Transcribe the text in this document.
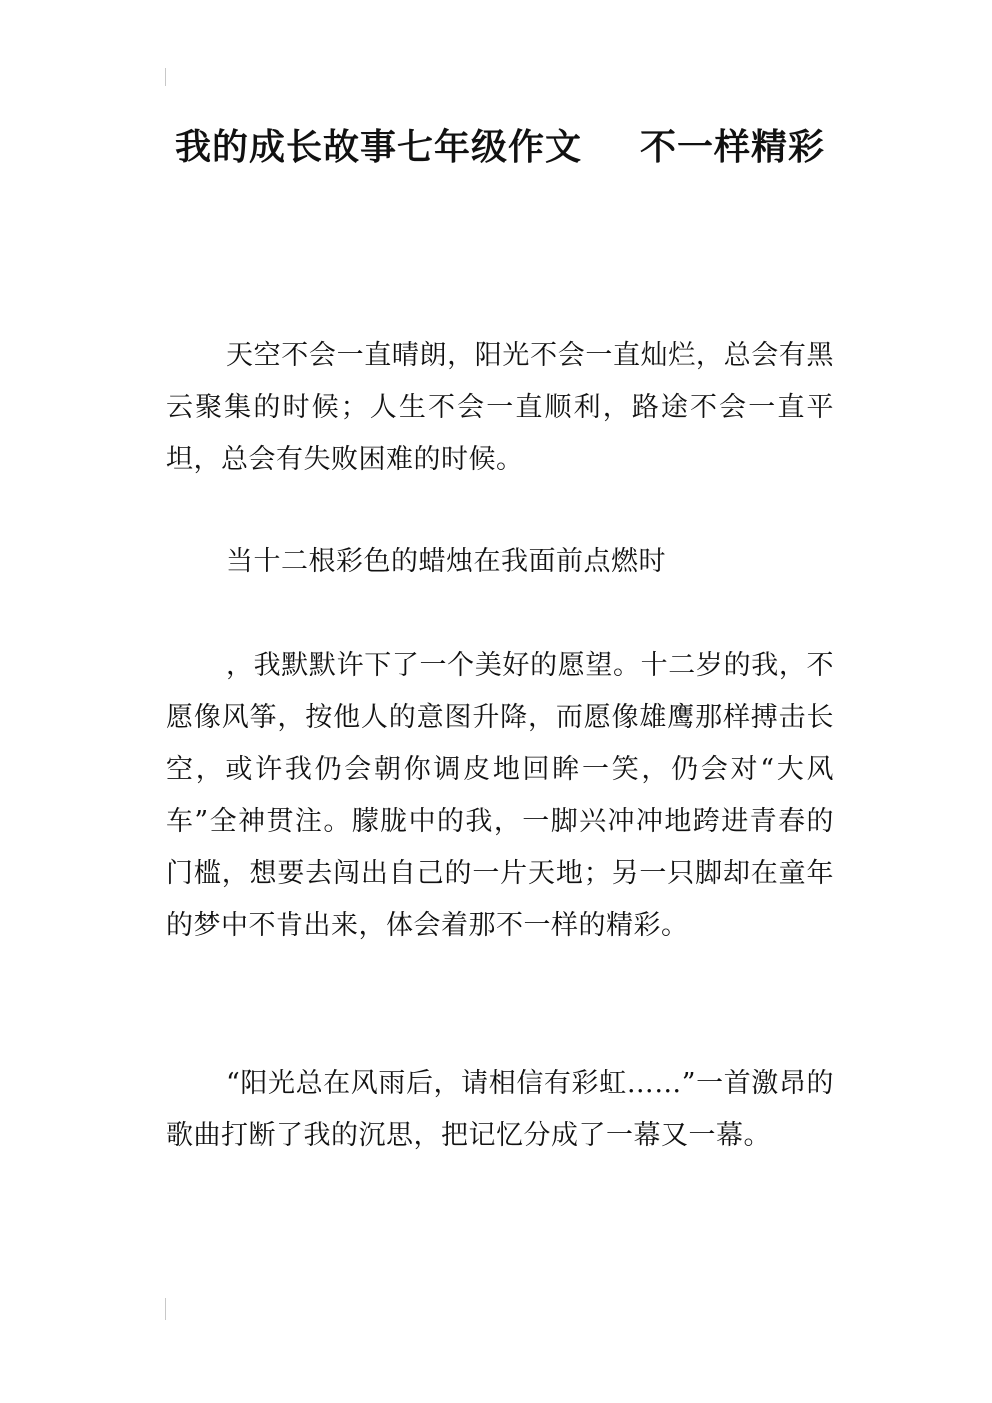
我的成长故事七年级作文 不一样精彩

天空不会一直晴朗，阳光不会一直灿烂，总会有黑云聚集的时候；人生不会一直顺利，路途不会一直平坦，总会有失败困难的时候。

当十二根彩色的蜡烛在我面前点燃时

，我默默许下了一个美好的愿望。十二岁的我，不愿像风筝，按他人的意图升降，而愿像雄鹰那样搏击长空，或许我仍会朝你调皮地回眸一笑，仍会对“大风车”全神贯注。朦胧中的我，一脚兴冲冲地跨进青春的门槛，想要去闯出自己的一片天地；另一只脚却在童年的梦中不肯出来，体会着那不一样的精彩。

“阳光总在风雨后，请相信有彩虹……”一首激昂的歌曲打断了我的沉思，把记忆分成了一幕又一幕。
